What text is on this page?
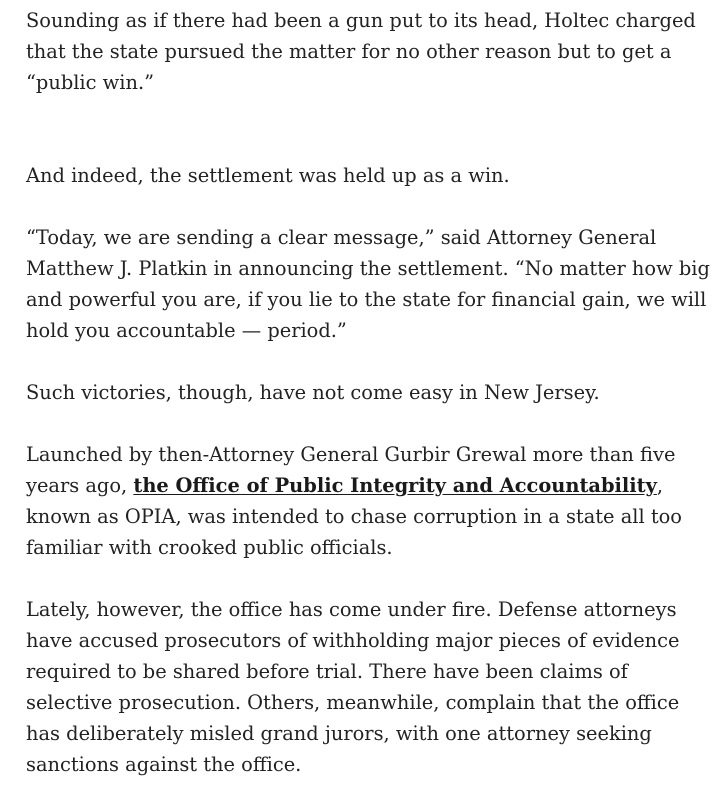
Sounding as if there had been a gun put to its head, Holtec charged that the state pursued the matter for no other reason but to get a “public win.”

And indeed, the settlement was held up as a win.

“Today, we are sending a clear message,” said Attorney General Matthew J. Platkin in announcing the settlement. “No matter how big and powerful you are, if you lie to the state for financial gain, we will hold you accountable — period.”

Such victories, though, have not come easy in New Jersey.

Launched by then-Attorney General Gurbir Grewal more than five years ago, the Office of Public Integrity and Accountability, known as OPIA, was intended to chase corruption in a state all too familiar with crooked public officials.

Lately, however, the office has come under fire. Defense attorneys have accused prosecutors of withholding major pieces of evidence required to be shared before trial. There have been claims of selective prosecution. Others, meanwhile, complain that the office has deliberately misled grand jurors, with one attorney seeking sanctions against the office.
